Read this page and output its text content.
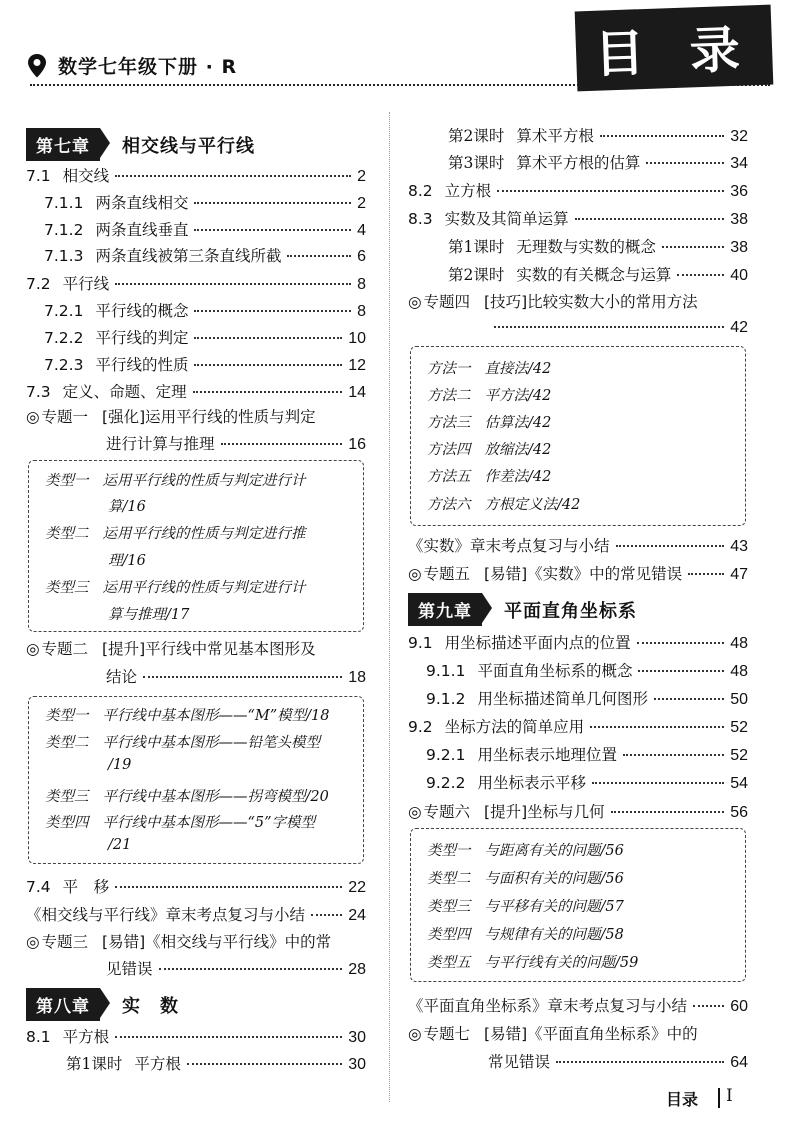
数学七年级下册 · R	目 录
第七章	相交线与平行线
7.1 相交线	2
7.1.1 两条直线相交	2
7.1.2 两条直线垂直	4
7.1.3 两条直线被第三条直线所截	6
7.2 平行线	8
7.2.1 平行线的概念	8
7.2.2 平行线的判定	10
7.2.3 平行线的性质	12
7.3 定义、命题、定理	14
◎ 专题一 [强化]运用平行线的性质与判定
进行计算与推理	16
类型一 运用平行线的性质与判定进行计
算/16
类型二 运用平行线的性质与判定进行推
理/16
类型三 运用平行线的性质与判定进行计
算与推理/17
◎ 专题二 [提升]平行线中常见基本图形及
结论	18
类型一 平行线中基本图形——“M”模型/18
类型二 平行线中基本图形——铅笔头模型
/19
类型三 平行线中基本图形——拐弯模型/20
类型四 平行线中基本图形——“5”字模型
/21
7.4 平　移	22
《相交线与平行线》章末考点复习与小结	24
◎ 专题三 [易错]《相交线与平行线》中的常
见错误	28
第八章	实　数
8.1 平方根	30
第1课时 平方根	30
第2课时 算术平方根	32
第3课时 算术平方根的估算	34
8.2 立方根	36
8.3 实数及其简单运算	38
第1课时 无理数与实数的概念	38
第2课时 实数的有关概念与运算	40
◎ 专题四 [技巧]比较实数大小的常用方法
42
方法一 直接法/42
方法二 平方法/42
方法三 估算法/42
方法四 放缩法/42
方法五 作差法/42
方法六 方根定义法/42
《实数》章末考点复习与小结	43
◎ 专题五 [易错]《实数》中的常见错误	47
第九章	平面直角坐标系
9.1 用坐标描述平面内点的位置	48
9.1.1 平面直角坐标系的概念	48
9.1.2 用坐标描述简单几何图形	50
9.2 坐标方法的简单应用	52
9.2.1 用坐标表示地理位置	52
9.2.2 用坐标表示平移	54
◎ 专题六 [提升]坐标与几何	56
类型一 与距离有关的问题/56
类型二 与面积有关的问题/56
类型三 与平移有关的问题/57
类型四 与规律有关的问题/58
类型五 与平行线有关的问题/59
《平面直角坐标系》章末考点复习与小结	60
◎ 专题七 [易错]《平面直角坐标系》中的
常见错误	64
目录 I
